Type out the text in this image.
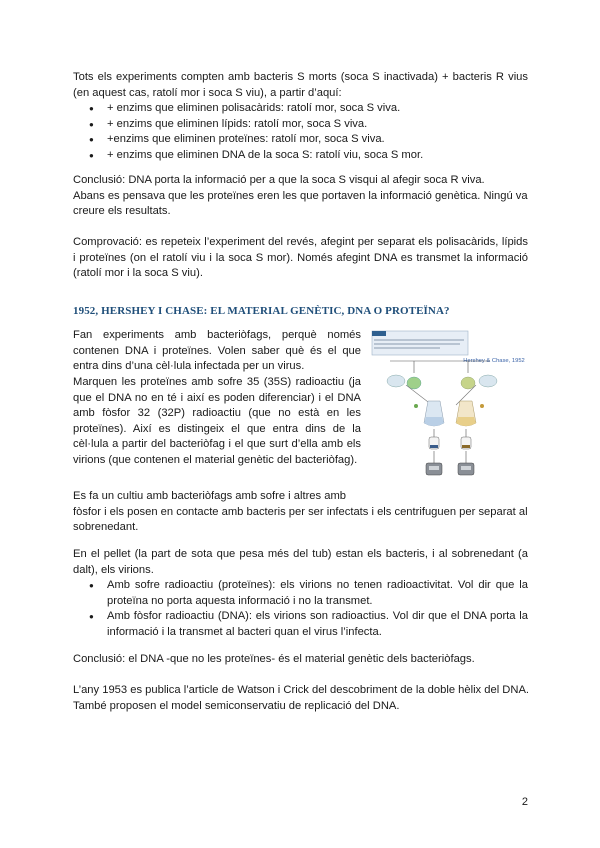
Tots els experiments compten amb bacteris S morts (soca S inactivada) + bacteris R vius (en aquest cas, ratolí mor i soca S viu), a partir d’aquí:
● + enzims que eliminen polisacàrids: ratolí mor, soca S viva.
● + enzims que eliminen lípids: ratolí mor, soca S viva.
● +enzims que eliminen proteïnes: ratolí mor, soca S viva.
● + enzims que eliminen DNA de la soca S: ratolí viu, soca S mor.
Conclusió: DNA porta la informació per a que la soca S visqui al afegir soca R viva.
Abans es pensava que les proteïnes eren les que portaven la informació genètica. Ningú va creure els resultats.
Comprovació: es repeteix l’experiment del revés, afegint per separat els polisacàrids, lípids i proteïnes (on el ratolí viu i la soca S mor). Només afegint DNA es transmet la informació (ratolí mor i la soca S viu).
1952, HERSHEY I CHASE: EL MATERIAL GENÈTIC, DNA O PROTEÏNA?
Fan experiments amb bacteriòfags, perquè només contenen DNA i proteïnes. Volen saber què és el que entra dins d’una cèl·lula infectada per un virus.
Marquen les proteïnes amb sofre 35 (35S) radioactiu (ja que el DNA no en té i així es poden diferenciar) i el DNA amb fòsfor 32 (32P) radioactiu (que no està en les proteïnes). Així es distingeix el que entra dins de la cèl·lula a partir del bacteriòfag i el que surt d’ella amb els virions (que contenen el material genètic del bacteriòfag).
Es fa un cultiu amb bacteriòfags amb sofre i altres amb
fòsfor i els posen en contacte amb bacteris per ser infectats i els centrifuguen per separat al sobrenedant.
Hershey & Chase, 1952
En el pellet (la part de sota que pesa més del tub) estan els bacteris, i al sobrenedant (a dalt), els virions.
● Amb sofre radioactiu (proteïnes): els virions no tenen radioactivitat. Vol dir que la proteïna no porta aquesta informació i no la transmet.
● Amb fòsfor radioactiu (DNA): els virions son radioactius. Vol dir que el DNA porta la informació i la transmet al bacteri quan el virus l’infecta.
Conclusió: el DNA -que no les proteïnes- és el material genètic dels bacteriòfags.
L’any 1953 es publica l’article de Watson i Crick del descobriment de la doble hèlix del DNA.
També proposen el model semiconservatiu de replicació del DNA.
2
